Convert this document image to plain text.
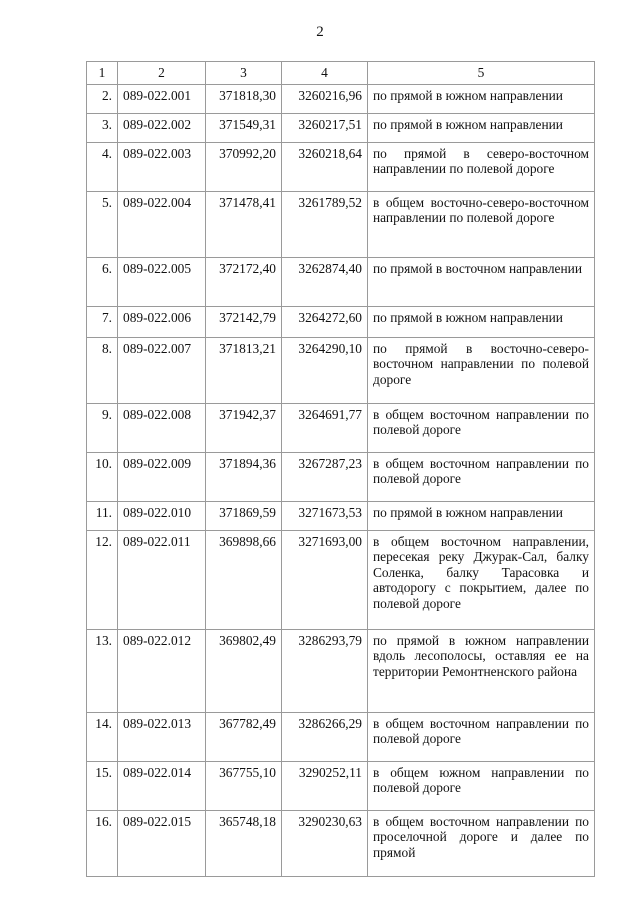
2
1	2	3	4	5
2.	089-022.001	371818,30	3260216,96	по прямой в южном направлении
3.	089-022.002	371549,31	3260217,51	по прямой в южном направлении
4.	089-022.003	370992,20	3260218,64	по прямой в северо-восточном направлении по полевой дороге
5.	089-022.004	371478,41	3261789,52	в общем восточно-северо-восточном направлении по полевой дороге
6.	089-022.005	372172,40	3262874,40	по прямой в восточном направлении
7.	089-022.006	372142,79	3264272,60	по прямой в южном направлении
8.	089-022.007	371813,21	3264290,10	по прямой в восточно-северо-восточном направлении по полевой дороге
9.	089-022.008	371942,37	3264691,77	в общем восточном направлении по полевой дороге
10.	089-022.009	371894,36	3267287,23	в общем восточном направлении по полевой дороге
11.	089-022.010	371869,59	3271673,53	по прямой в южном направлении
12.	089-022.011	369898,66	3271693,00	в общем восточном направлении, пересекая реку Джурак-Сал, балку Соленка, балку Тарасовка и автодорогу с покрытием, далее по полевой дороге
13.	089-022.012	369802,49	3286293,79	по прямой в южном направлении вдоль лесополосы, оставляя ее на территории Ремонтненского района
14.	089-022.013	367782,49	3286266,29	в общем восточном направлении по полевой дороге
15.	089-022.014	367755,10	3290252,11	в общем южном направлении по полевой дороге
16.	089-022.015	365748,18	3290230,63	в общем восточном направлении по проселочной дороге и далее по прямой
